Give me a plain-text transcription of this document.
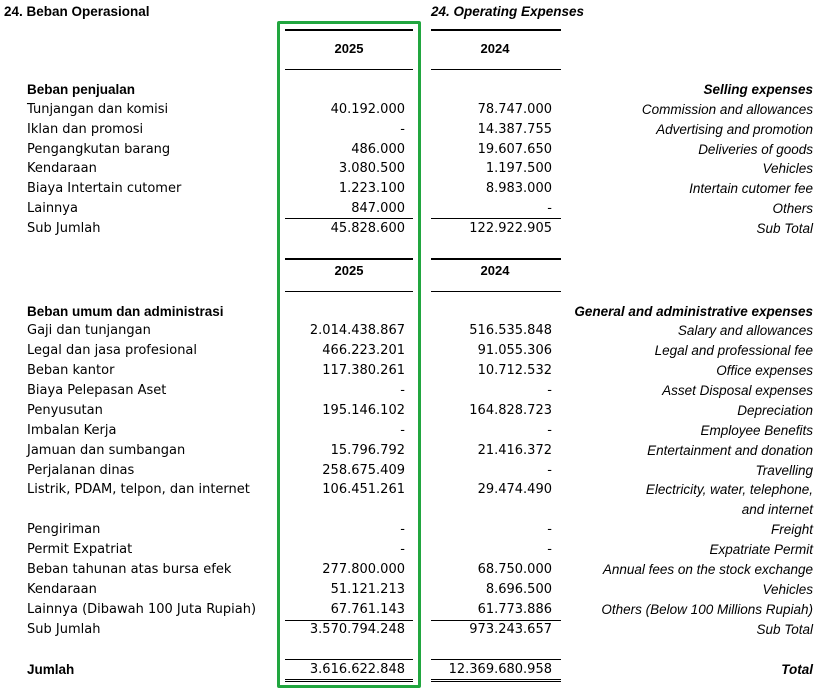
24. Beban Operasional	24. Operating Expenses
2025	2024
Beban penjualan	Selling expenses
Tunjangan dan komisi	40.192.000	78.747.000	Commission and allowances
Iklan dan promosi	-	14.387.755	Advertising and promotion
Pengangkutan barang	486.000	19.607.650	Deliveries of goods
Kendaraan	3.080.500	1.197.500	Vehicles
Biaya Intertain cutomer	1.223.100	8.983.000	Intertain cutomer fee
Lainnya	847.000	-	Others
Sub Jumlah	45.828.600	122.922.905	Sub Total
2025	2024
Beban umum dan administrasi	General and administrative expenses
Gaji dan tunjangan	2.014.438.867	516.535.848	Salary and allowances
Legal dan jasa profesional	466.223.201	91.055.306	Legal and professional fee
Beban kantor	117.380.261	10.712.532	Office expenses
Biaya Pelepasan Aset	-	-	Asset Disposal expenses
Penyusutan	195.146.102	164.828.723	Depreciation
Imbalan Kerja	-	-	Employee Benefits
Jamuan dan sumbangan	15.796.792	21.416.372	Entertainment and donation
Perjalanan dinas	258.675.409	-	Travelling
Listrik, PDAM, telpon, dan internet	106.451.261	29.474.490	Electricity, water, telephone,
and internet
Pengiriman	-	-	Freight
Permit Expatriat	-	-	Expatriate Permit
Beban tahunan atas bursa efek	277.800.000	68.750.000	Annual fees on the stock exchange
Kendaraan	51.121.213	8.696.500	Vehicles
Lainnya (Dibawah 100 Juta Rupiah)	67.761.143	61.773.886	Others (Below 100 Millions Rupiah)
Sub Jumlah	3.570.794.248	973.243.657	Sub Total
Jumlah	3.616.622.848	12.369.680.958	Total
